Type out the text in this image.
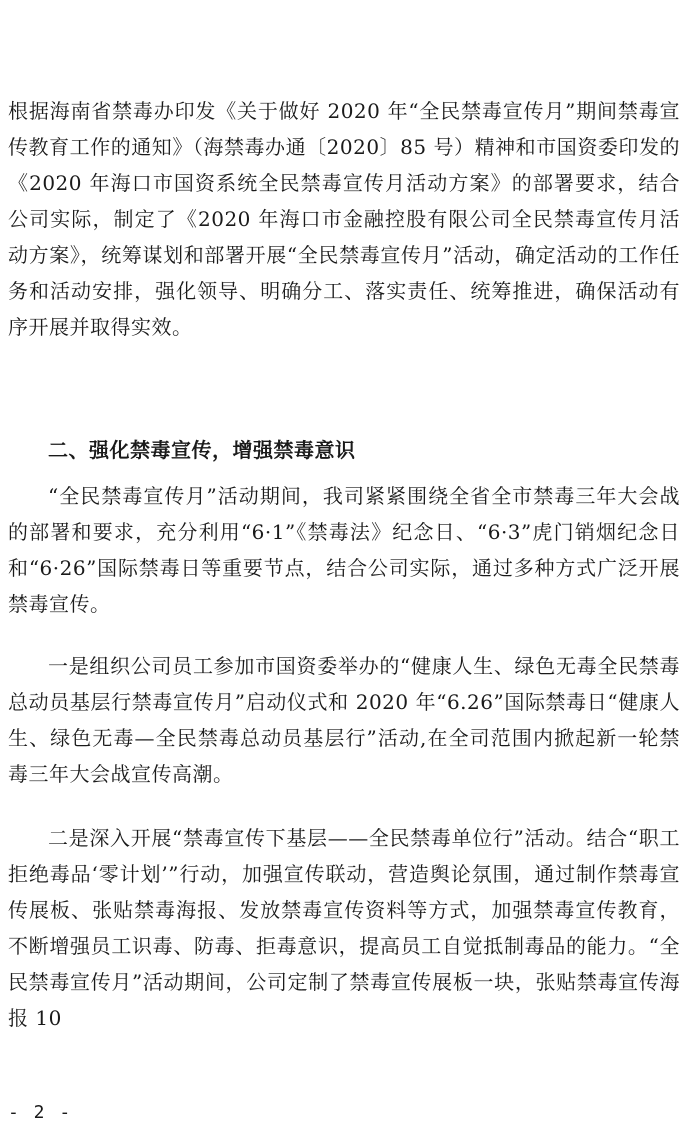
根据海南省禁毒办印发《关于做好 2020 年“全民禁毒宣传月”期间禁毒宣传教育工作的通知》（海禁毒办通〔2020〕85 号）精神和市国资委印发的《2020 年海口市国资系统全民禁毒宣传月活动方案》的部署要求，结合公司实际，制定了《2020 年海口市金融控股有限公司全民禁毒宣传月活动方案》，统筹谋划和部署开展“全民禁毒宣传月”活动，确定活动的工作任务和活动安排，强化领导、明确分工、落实责任、统筹推进，确保活动有序开展并取得实效。

二、强化禁毒宣传，增强禁毒意识

“全民禁毒宣传月”活动期间，我司紧紧围绕全省全市禁毒三年大会战的部署和要求，充分利用“6·1”《禁毒法》纪念日、“6·3”虎门销烟纪念日和“6·26”国际禁毒日等重要节点，结合公司实际，通过多种方式广泛开展禁毒宣传。

一是组织公司员工参加市国资委举办的“健康人生、绿色无毒全民禁毒总动员基层行禁毒宣传月”启动仪式和 2020 年“6.26”国际禁毒日“健康人生、绿色无毒—全民禁毒总动员基层行”活动,在全司范围内掀起新一轮禁毒三年大会战宣传高潮。

二是深入开展“禁毒宣传下基层——全民禁毒单位行”活动。结合“职工拒绝毒品‘零计划’”行动，加强宣传联动，营造舆论氛围，通过制作禁毒宣传展板、张贴禁毒海报、发放禁毒宣传资料等方式，加强禁毒宣传教育，不断增强员工识毒、防毒、拒毒意识，提高员工自觉抵制毒品的能力。“全民禁毒宣传月”活动期间，公司定制了禁毒宣传展板一块，张贴禁毒宣传海报 10

- 2 -
